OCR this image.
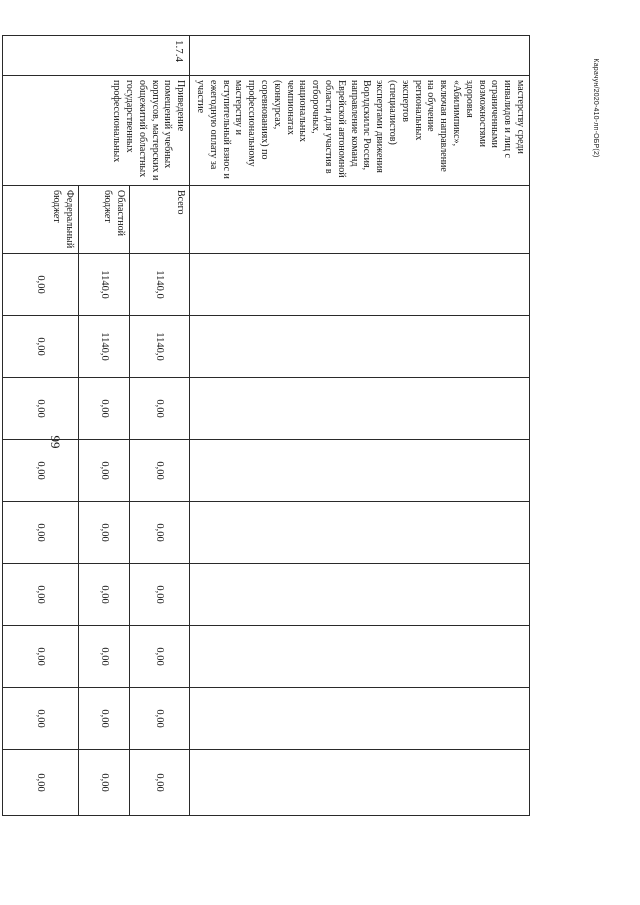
99
Карачун/2020-410-лп-ОБР(2)
	мастерству среди инвалидов и лиц с ограниченными возможностями здоровья «Абилимпикс», включая направление на обучение региональных экспертов (специалистов) экспертами движения Ворлдскиллс Россия, направление команд Еврейской автономной области для участия в отборочных, национальных чемпионатах (конкурсах, соревнованиях) по профессиональному мастерству и вступительный взнос и ежегодную оплату за участие										
1.7.4	Приведение помещений учебных корпусов, мастерских и общежитий областных государственных профессиональных	Всего	1140,0	1140,0	0,00	0,00	0,00	0,00	0,00	0,00	0,00
		Областной бюджет	1140,0	1140,0	0,00	0,00	0,00	0,00	0,00	0,00	0,00
		Федеральный бюджет	0,00	0,00	0,00	0,00	0,00	0,00	0,00	0,00	0,00
